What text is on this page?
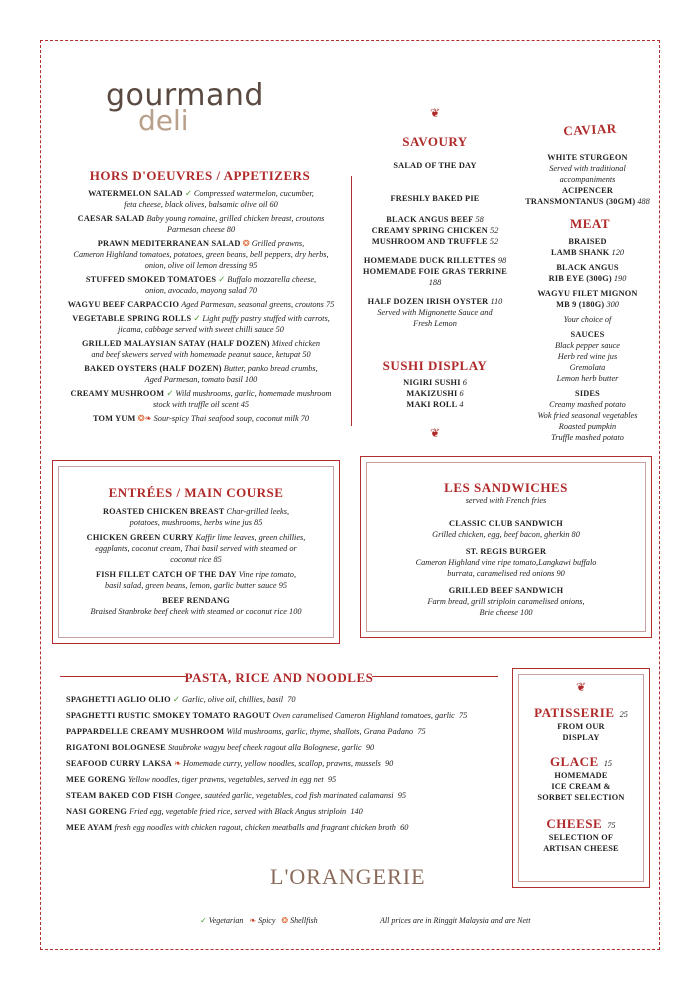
gourmand
deli
HORS D'OEUVRES / APPETIZERS
WATERMELON SALAD ✓ Compressed watermelon, cucumber,
feta cheese, black olives, balsamic olive oil 60
CAESAR SALAD Baby young romaine, grilled chicken breast, croutons
Parmesan cheese 80
PRAWN MEDITERRANEAN SALAD ❂ Grilled prawns,
Cameron Highland tomatoes, potatoes, green beans, bell peppers, dry herbs,
onion, olive oil lemon dressing 95
STUFFED SMOKED TOMATOES ✓ Buffalo mozzarella cheese,
onion, avocado, mayong salad 70
WAGYU BEEF CARPACCIO Aged Parmesan, seasonal greens, croutons 75
VEGETABLE SPRING ROLLS ✓ Light puffy pastry stuffed with carrots,
jicama, cabbage served with sweet chilli sauce 50
GRILLED MALAYSIAN SATAY (HALF DOZEN) Mixed chicken
and beef skewers served with homemade peanut sauce, ketupat 50
BAKED OYSTERS (HALF DOZEN) Butter, panko bread crumbs,
Aged Parmesan, tomato basil 100
CREAMY MUSHROOM ✓ Wild mushrooms, garlic, homemade mushroom
stock with truffle oil scent 45
TOM YUM ❂❧ Sour-spicy Thai seafood soup, coconut milk 70
❦
SAVOURY
SALAD OF THE DAY
FRESHLY BAKED PIE
BLACK ANGUS BEEF 58
CREAMY SPRING CHICKEN 52
MUSHROOM AND TRUFFLE 52
HOMEMADE DUCK RILLETTES 98
HOMEMADE FOIE GRAS TERRINE 188
HALF DOZEN IRISH OYSTER 110
Served with Mignonette Sauce and
Fresh Lemon
SUSHI DISPLAY
NIGIRI SUSHI 6
MAKIZUSHI 6
MAKI ROLL 4
❦
CAVIAR
WHITE STURGEON
Served with traditional
accompaniments
ACIPENCER
TRANSMONTANUS (30GM) 488
MEAT
BRAISED
LAMB SHANK 120
BLACK ANGUS
RIB EYE (300G) 190
WAGYU FILET MIGNON
MB 9 (180G) 300
Your choice of
SAUCES
Black pepper sauce
Herb red wine jus
Gremolata
Lemon herb butter
SIDES
Creamy mashed potato
Wok fried seasonal vegetables
Roasted pumpkin
Truffle mashed potato
ENTRÉES / MAIN COURSE
ROASTED CHICKEN BREAST Char-grilled leeks,
potatoes, mushrooms, herbs wine jus 85
CHICKEN GREEN CURRY Kaffir lime leaves, green chillies,
eggplants, coconut cream, Thai basil served with steamed or
coconut rice 85
FISH FILLET CATCH OF THE DAY Vine ripe tomato,
basil salad, green beans, lemon, garlic butter sauce 95
BEEF RENDANG
Braised Stanbroke beef cheek with steamed or coconut rice 100
LES SANDWICHES
served with French fries
CLASSIC CLUB SANDWICH
Grilled chicken, egg, beef bacon, gherkin 80
ST. REGIS BURGER
Cameron Highland vine ripe tomato,Langkawi buffalo
burrata, caramelised red onions 90
GRILLED BEEF SANDWICH
Farm bread, grill striploin caramelised onions,
Brie cheese 100
PASTA, RICE AND NOODLES
SPAGHETTI AGLIO OLIO ✓ Garlic, olive oil, chillies, basil 70
SPAGHETTI RUSTIC SMOKEY TOMATO RAGOUT Oven caramelised Cameron Highland tomatoes, garlic 75
PAPPARDELLE CREAMY MUSHROOM Wild mushrooms, garlic, thyme, shallots, Grana Padano 75
RIGATONI BOLOGNESE Staubroke wagyu beef cheek ragout alla Bolognese, garlic 90
SEAFOOD CURRY LAKSA ❧ Homemade curry, yellow noodles, scallop, prawns, mussels 90
MEE GORENG Yellow noodles, tiger prawns, vegetables, served in egg net 95
STEAM BAKED COD FISH Congee, sautéed garlic, vegetables, cod fish marinated calamansi 95
NASI GORENG Fried egg, vegetable fried rice, served with Black Angus striploin 140
MEE AYAM fresh egg noodles with chicken ragout, chicken meatballs and fragrant chicken broth 60
❦
PATISSERIE 25
FROM OUR
DISPLAY
GLACE 15
HOMEMADE
ICE CREAM &
SORBET SELECTION
CHEESE 75
SELECTION OF
ARTISAN CHEESE
L'ORANGERIE
✓ Vegetarian ❧ Spicy ❂ Shellfish	All prices are in Ringgit Malaysia and are Nett
